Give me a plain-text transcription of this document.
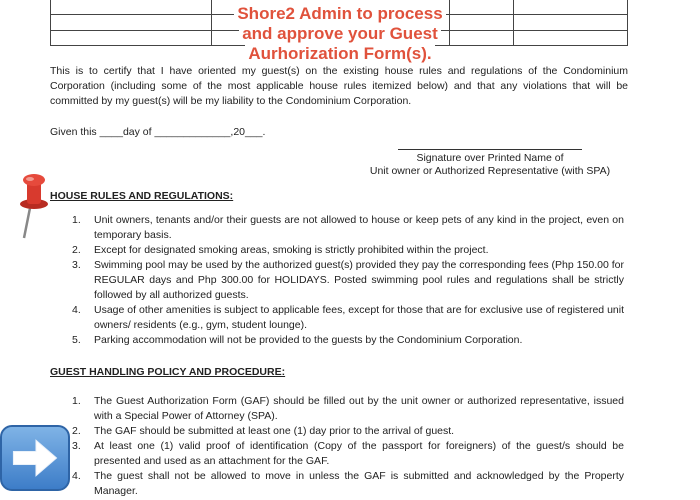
Shore2 Admin to process
and approve your Guest
Aurhorization Form(s).
This is to certify that I have oriented my guest(s) on the existing house rules and regulations of the Condominium Corporation (including some of the most applicable house rules itemized below) and that any violations that will be committed by my guest(s) will be my liability to the Condominium Corporation.
Given this ____day of _____________,20___.
Signature over Printed Name of
Unit owner or Authorized Representative (with SPA)
HOUSE RULES AND REGULATIONS:
1. Unit owners, tenants and/or their guests are not allowed to house or keep pets of any kind in the project, even on temporary basis.
2. Except for designated smoking areas, smoking is strictly prohibited within the project.
3. Swimming pool may be used by the authorized guest(s) provided they pay the corresponding fees (Php 150.00 for REGULAR days and Php 300.00 for HOLIDAYS. Posted swimming pool rules and regulations shall be strictly followed by all authorized guests.
4. Usage of other amenities is subject to applicable fees, except for those that are for exclusive use of registered unit owners/ residents (e.g., gym, student lounge).
5. Parking accommodation will not be provided to the guests by the Condominium Corporation.
GUEST HANDLING POLICY AND PROCEDURE:
1. The Guest Authorization Form (GAF) should be filled out by the unit owner or authorized representative, issued with a Special Power of Attorney (SPA).
2. The GAF should be submitted at least one (1) day prior to the arrival of guest.
3. At least one (1) valid proof of identification (Copy of the passport for foreigners) of the guest/s should be presented and used as an attachment for the GAF.
4. The guest shall not be allowed to move in unless the GAF is submitted and acknowledged by the Property Manager.
